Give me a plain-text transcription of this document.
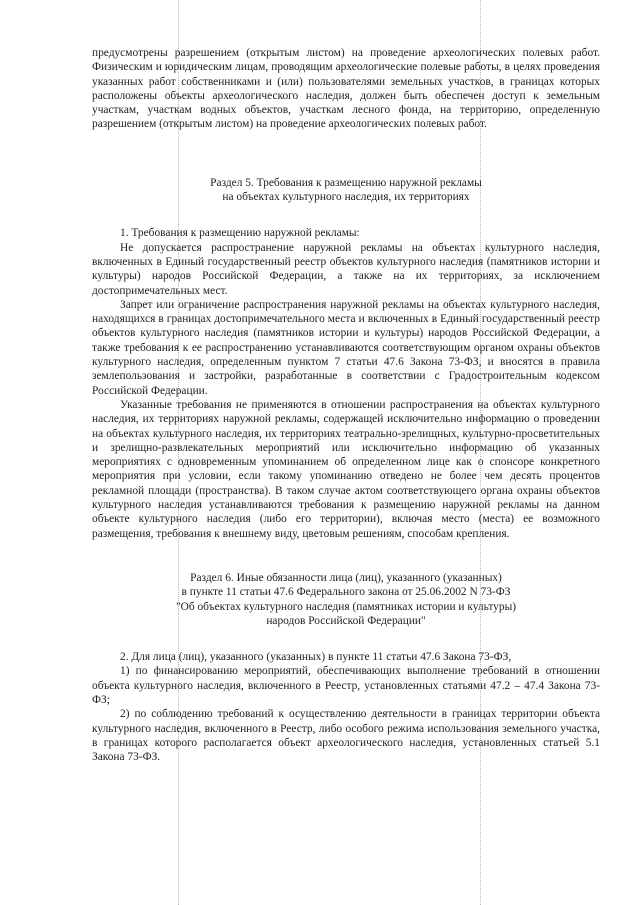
предусмотрены разрешением (открытым листом) на проведение археологических полевых работ. Физическим и юридическим лицам, проводящим археологические полевые работы, в целях проведения указанных работ собственниками и (или) пользователями земельных участков, в границах которых расположены объекты археологического наследия, должен быть обеспечен доступ к земельным участкам, участкам водных объектов, участкам лесного фонда, на территорию, определенную разрешением (открытым листом) на проведение археологических полевых работ.

Раздел 5. Требования к размещению наружной рекламы

на объектах культурного наследия, их территориях

1. Требования к размещению наружной рекламы:

Не допускается распространение наружной рекламы на объектах культурного наследия, включенных в Единый государственный реестр объектов культурного наследия (памятников истории и культуры) народов Российской Федерации, а также на их территориях, за исключением достопримечательных мест.

Запрет или ограничение распространения наружной рекламы на объектах культурного наследия, находящихся в границах достопримечательного места и включенных в Единый государственный реестр объектов культурного наследия (памятников истории и культуры) народов Российской Федерации, а также требования к ее распространению устанавливаются соответствующим органом охраны объектов культурного наследия, определенным пунктом 7 статьи 47.6 Закона 73-ФЗ, и вносятся в правила землепользования и застройки, разработанные в соответствии с Градостроительным кодексом Российской Федерации.

Указанные требования не применяются в отношении распространения на объектах культурного наследия, их территориях наружной рекламы, содержащей исключительно информацию о проведении на объектах культурного наследия, их территориях театрально-зрелищных, культурно-просветительных и зрелищно-развлекательных мероприятий или исключительно информацию об указанных мероприятиях с одновременным упоминанием об определенном лице как о спонсоре конкретного мероприятия при условии, если такому упоминанию отведено не более чем десять процентов рекламной площади (пространства). В таком случае актом соответствующего органа охраны объектов культурного наследия устанавливаются требования к размещению наружной рекламы на данном объекте культурного наследия (либо его территории), включая место (места) ее возможного размещения, требования к внешнему виду, цветовым решениям, способам крепления.

Раздел 6. Иные обязанности лица (лиц), указанного (указанных)

в пункте 11 статьи 47.6 Федерального закона от 25.06.2002 N 73-ФЗ

"Об объектах культурного наследия (памятниках истории и культуры)

народов Российской Федерации"

2. Для лица (лиц), указанного (указанных) в пункте 11 статьи 47.6 Закона 73-ФЗ,

1) по финансированию мероприятий, обеспечивающих выполнение требований в отношении объекта культурного наследия, включенного в Реестр, установленных статьями 47.2 – 47.4 Закона 73-ФЗ;

2) по соблюдению требований к осуществлению деятельности в границах территории объекта культурного наследия, включенного в Реестр, либо особого режима использования земельного участка, в границах которого располагается объект археологического наследия, установленных статьей 5.1 Закона 73-ФЗ.
